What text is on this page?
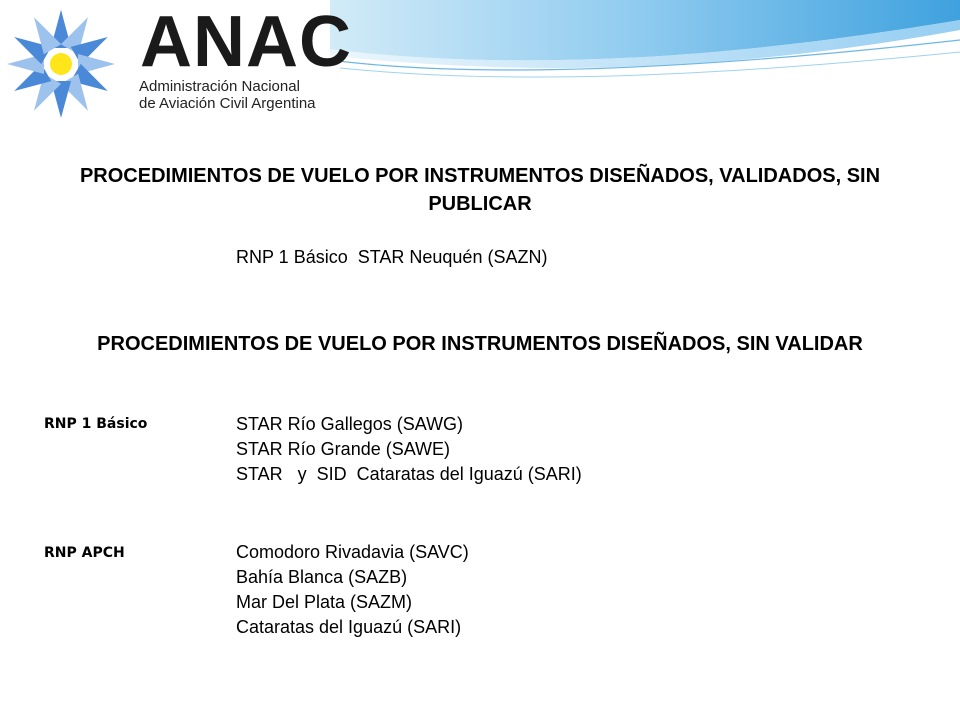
ANAC
Administración Nacional
de Aviación Civil Argentina
PROCEDIMIENTOS DE VUELO POR INSTRUMENTOS DISEÑADOS, VALIDADOS, SIN PUBLICAR
RNP 1 Básico  STAR Neuquén (SAZN)
PROCEDIMIENTOS DE VUELO POR INSTRUMENTOS DISEÑADOS, SIN VALIDAR
RNP 1 Básico	STAR Río Gallegos (SAWG)
STAR Río Grande (SAWE)
STAR   y  SID  Cataratas del Iguazú (SARI)
RNP APCH	Comodoro Rivadavia (SAVC)
Bahía Blanca (SAZB)
Mar Del Plata (SAZM)
Cataratas del Iguazú (SARI)
